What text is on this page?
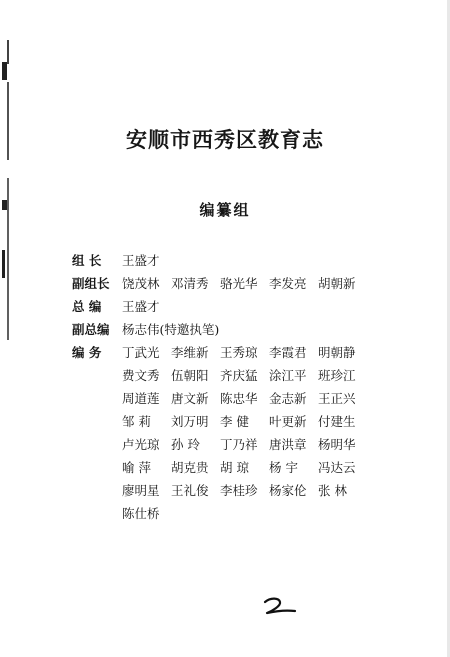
安顺市西秀区教育志
编纂组
组 长	王盛才
副组长 饶茂林 邓清秀 骆光华 李发亮 胡朝新
总 编	王盛才
副总编 杨志伟(特邀执笔)
编 务	丁武光 李维新 王秀琼 李霞君 明朝静
费文秀 伍朝阳 齐庆猛 涂江平 班珍江
周道莲 唐文新 陈忠华 金志新 王正兴
邹 莉	刘万明 李 健	叶更新 付建生
卢光琼 孙 玲	丁乃祥 唐洪章 杨明华
喻 萍	胡克贵 胡 琼	杨 宇	冯达云
廖明星 王礼俊 李桂珍 杨家伦 张 林
陈仕桥
